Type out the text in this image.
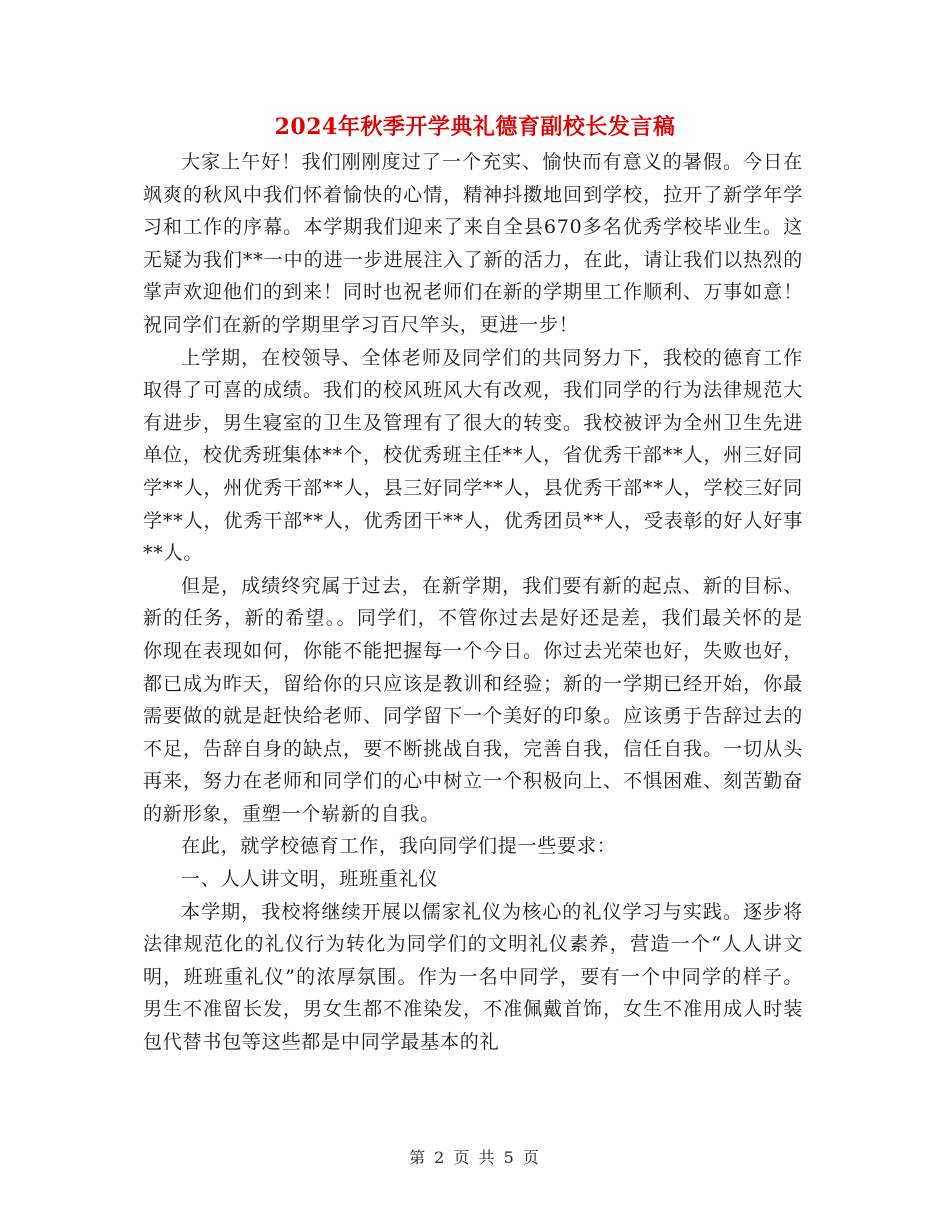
2024年秋季开学典礼德育副校长发言稿

大家上午好！我们刚刚度过了一个充实、愉快而有意义的暑假。今日在飒爽的秋风中我们怀着愉快的心情，精神抖擞地回到学校，拉开了新学年学习和工作的序幕。本学期我们迎来了来自全县670多名优秀学校毕业生。这无疑为我们**一中的进一步进展注入了新的活力，在此，请让我们以热烈的掌声欢迎他们的到来！同时也祝老师们在新的学期里工作顺利、万事如意！祝同学们在新的学期里学习百尺竿头，更进一步！

上学期，在校领导、全体老师及同学们的共同努力下，我校的德育工作取得了可喜的成绩。我们的校风班风大有改观，我们同学的行为法律规范大有进步，男生寝室的卫生及管理有了很大的转变。我校被评为全州卫生先进单位，校优秀班集体**个，校优秀班主任**人，省优秀干部**人，州三好同学**人，州优秀干部**人，县三好同学**人，县优秀干部**人，学校三好同学**人，优秀干部**人，优秀团干**人，优秀团员**人，受表彰的好人好事**人。

但是，成绩终究属于过去，在新学期，我们要有新的起点、新的目标、新的任务，新的希望。。同学们，不管你过去是好还是差，我们最关怀的是你现在表现如何，你能不能把握每一个今日。你过去光荣也好，失败也好，都已成为昨天，留给你的只应该是教训和经验；新的一学期已经开始，你最需要做的就是赶快给老师、同学留下一个美好的印象。应该勇于告辞过去的不足，告辞自身的缺点，要不断挑战自我，完善自我，信任自我。一切从头再来，努力在老师和同学们的心中树立一个积极向上、不惧困难、刻苦勤奋的新形象，重塑一个崭新的自我。

在此，就学校德育工作，我向同学们提一些要求：

一、人人讲文明，班班重礼仪

本学期，我校将继续开展以儒家礼仪为核心的礼仪学习与实践。逐步将法律规范化的礼仪行为转化为同学们的文明礼仪素养，营造一个“人人讲文明，班班重礼仪”的浓厚氛围。作为一名中同学，要有一个中同学的样子。男生不准留长发，男女生都不准染发，不准佩戴首饰，女生不准用成人时装包代替书包等这些都是中同学最基本的礼

第 2 页 共 5 页
